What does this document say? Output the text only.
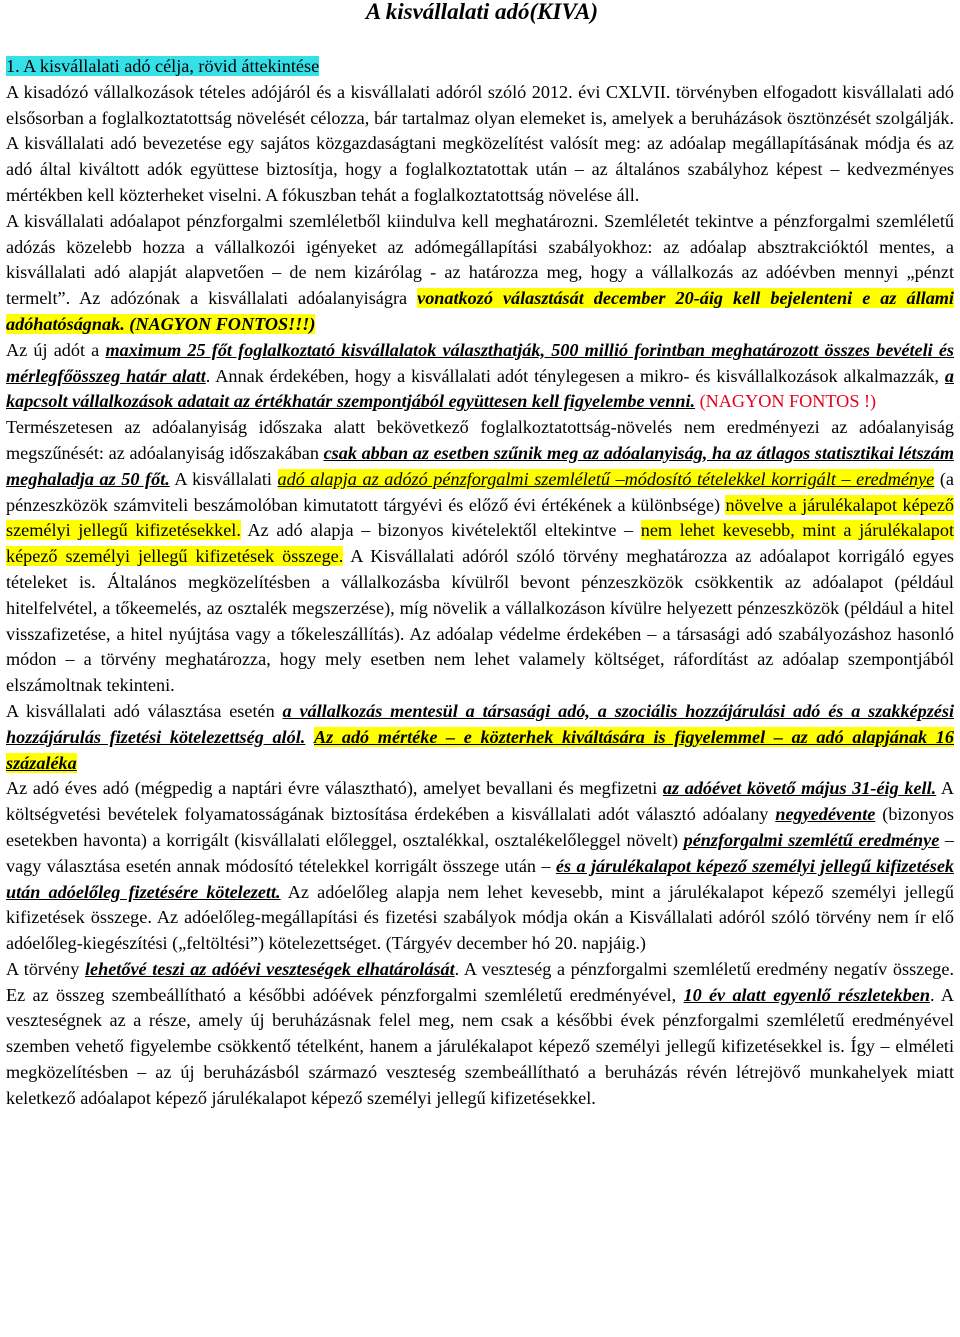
A kisvállalati adó(KIVA)

1. A kisvállalati adó célja, rövid áttekintése

A kisadózó vállalkozások tételes adójáról és a kisvállalati adóról szóló 2012. évi CXLVII. törvényben elfogadott kisvállalati adó elsősorban a foglalkoztatottság növelését célozza, bár tartalmaz olyan elemeket is, amelyek a beruházások ösztönzését szolgálják. A kisvállalati adó bevezetése egy sajátos közgazdaságtani megközelítést valósít meg: az adóalap megállapításának módja és az adó által kiváltott adók együttese biztosítja, hogy a foglalkoztatottak után – az általános szabályhoz képest – kedvezményes mértékben kell közterheket viselni. A fókuszban tehát a foglalkoztatottság növelése áll.

A kisvállalati adóalapot pénzforgalmi szemléletből kiindulva kell meghatározni. Szemléletét tekintve a pénzforgalmi szemléletű adózás közelebb hozza a vállalkozói igényeket az adómegállapítási szabályokhoz: az adóalap absztrakcióktól mentes, a kisvállalati adó alapját alapvetően – de nem kizárólag - az határozza meg, hogy a vállalkozás az adóévben mennyi „pénzt termelt”. Az adózónak a kisvállalati adóalanyiságra vonatkozó választását december 20-áig kell bejelenteni e az állami adóhatóságnak. (NAGYON FONTOS!!!)

Az új adót a maximum 25 főt foglalkoztató kisvállalatok választhatják, 500 millió forintban meghatározott összes bevételi és mérlegfőösszeg határ alatt. Annak érdekében, hogy a kisvállalati adót ténylegesen a mikro- és kisvállalkozások alkalmazzák, a kapcsolt vállalkozások adatait az értékhatár szempontjából együttesen kell figyelembe venni. (NAGYON FONTOS !)

Természetesen az adóalanyiság időszaka alatt bekövetkező foglalkoztatottság-növelés nem eredményezi az adóalanyiság megszűnését: az adóalanyiság időszakában csak abban az esetben szűnik meg az adóalanyiság, ha az átlagos statisztikai létszám meghaladja az 50 főt. A kisvállalati adó alapja az adózó pénzforgalmi szemléletű –módosító tételekkel korrigált – eredménye (a pénzeszközök számviteli beszámolóban kimutatott tárgyévi és előző évi értékének a különbsége) növelve a járulékalapot képező személyi jellegű kifizetésekkel. Az adó alapja – bizonyos kivételektől eltekintve – nem lehet kevesebb, mint a járulékalapot képező személyi jellegű kifizetések összege. A Kisvállalati adóról szóló törvény meghatározza az adóalapot korrigáló egyes tételeket is. Általános megközelítésben a vállalkozásba kívülről bevont pénzeszközök csökkentik az adóalapot (például hitelfelvétel, a tőkeemelés, az osztalék megszerzése), míg növelik a vállalkozáson kívülre helyezett pénzeszközök (például a hitel visszafizetése, a hitel nyújtása vagy a tőkeleszállítás). Az adóalap védelme érdekében – a társasági adó szabályozáshoz hasonló módon – a törvény meghatározza, hogy mely esetben nem lehet valamely költséget, ráfordítást az adóalap szempontjából elszámoltnak tekinteni.

A kisvállalati adó választása esetén a vállalkozás mentesül a társasági adó, a szociális hozzájárulási adó és a szakképzési hozzájárulás fizetési kötelezettség alól. Az adó mértéke – e közterhek kiváltására is figyelemmel – az adó alapjának 16 százaléka

Az adó éves adó (mégpedig a naptári évre választható), amelyet bevallani és megfizetni az adóévet követő május 31-éig kell. A költségvetési bevételek folyamatosságának biztosítása érdekében a kisvállalati adót választó adóalany negyedévente (bizonyos esetekben havonta) a korrigált (kisvállalati előleggel, osztalékkal, osztalékelőleggel növelt) pénzforgalmi szemlétű eredménye – vagy választása esetén annak módosító tételekkel korrigált összege után – és a járulékalapot képező személyi jellegű kifizetések után adóelőleg fizetésére kötelezett. Az adóelőleg alapja nem lehet kevesebb, mint a járulékalapot képező személyi jellegű kifizetések összege. Az adóelőleg-megállapítási és fizetési szabályok módja okán a Kisvállalati adóról szóló törvény nem ír elő adóelőleg-kiegészítési („feltöltési”) kötelezettséget. (Tárgyév december hó 20. napjáig.)

A törvény lehetővé teszi az adóévi veszteségek elhatárolását. A veszteség a pénzforgalmi szemléletű eredmény negatív összege. Ez az összeg szembeállítható a későbbi adóévek pénzforgalmi szemléletű eredményével, 10 év alatt egyenlő részletekben. A veszteségnek az a része, amely új beruházásnak felel meg, nem csak a későbbi évek pénzforgalmi szemléletű eredményével szemben vehető figyelembe csökkentő tételként, hanem a járulékalapot képező személyi jellegű kifizetésekkel is. Így – elméleti megközelítésben – az új beruházásból származó veszteség szembeállítható a beruházás révén létrejövő munkahelyek miatt keletkező adóalapot képező járulékalapot képező személyi jellegű kifizetésekkel.
